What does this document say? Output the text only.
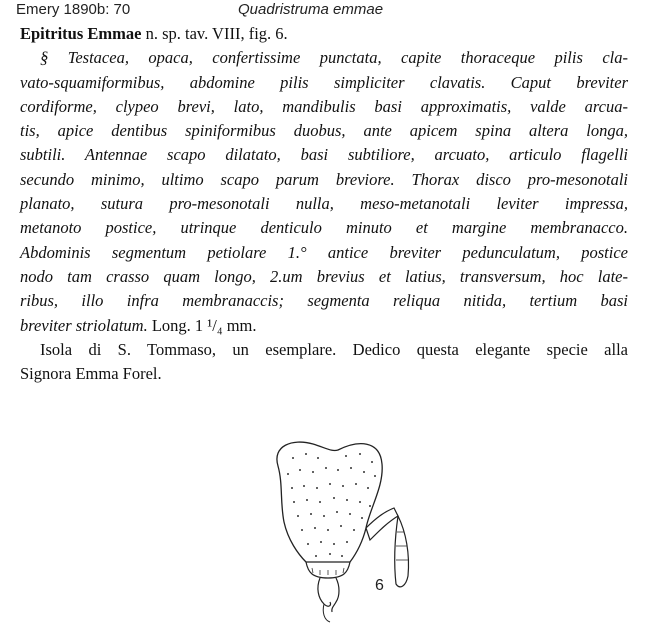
Emery 1890b: 70	Quadristruma emmae
Epitritus Emmae n. sp. tav. VIII, fig. 6.
§ Testacea, opaca, confertissime punctata, capite thoraceque pilis cla-
vato-squamiformibus, abdomine pilis simpliciter clavatis. Caput breviter
cordiforme, clypeo brevi, lato, mandibulis basi approximatis, valde arcua-
tis, apice dentibus spiniformibus duobus, ante apicem spina altera longa,
subtili. Antennae scapo dilatato, basi subtiliore, arcuato, articulo flagelli
secundo minimo, ultimo scapo parum breviore. Thorax disco pro-mesonotali
planato, sutura pro-mesonotali nulla, meso-metanotali leviter impressa,
metanoto postice, utrinque denticulo minuto et margine membranacco.
Abdominis segmentum petiolare 1.° antice breviter pedunculatum, postice
nodo tam crasso quam longo, 2.um brevius et latius, transversum, hoc late-
ribus, illo infra membranaccis; segmenta reliqua nitida, tertium basi
breviter striolatum. Long. 1 ¹/₄ mm.
Isola di S. Tommaso, un esemplare. Dedico questa elegante specie alla
Signora Emma Forel.
6
